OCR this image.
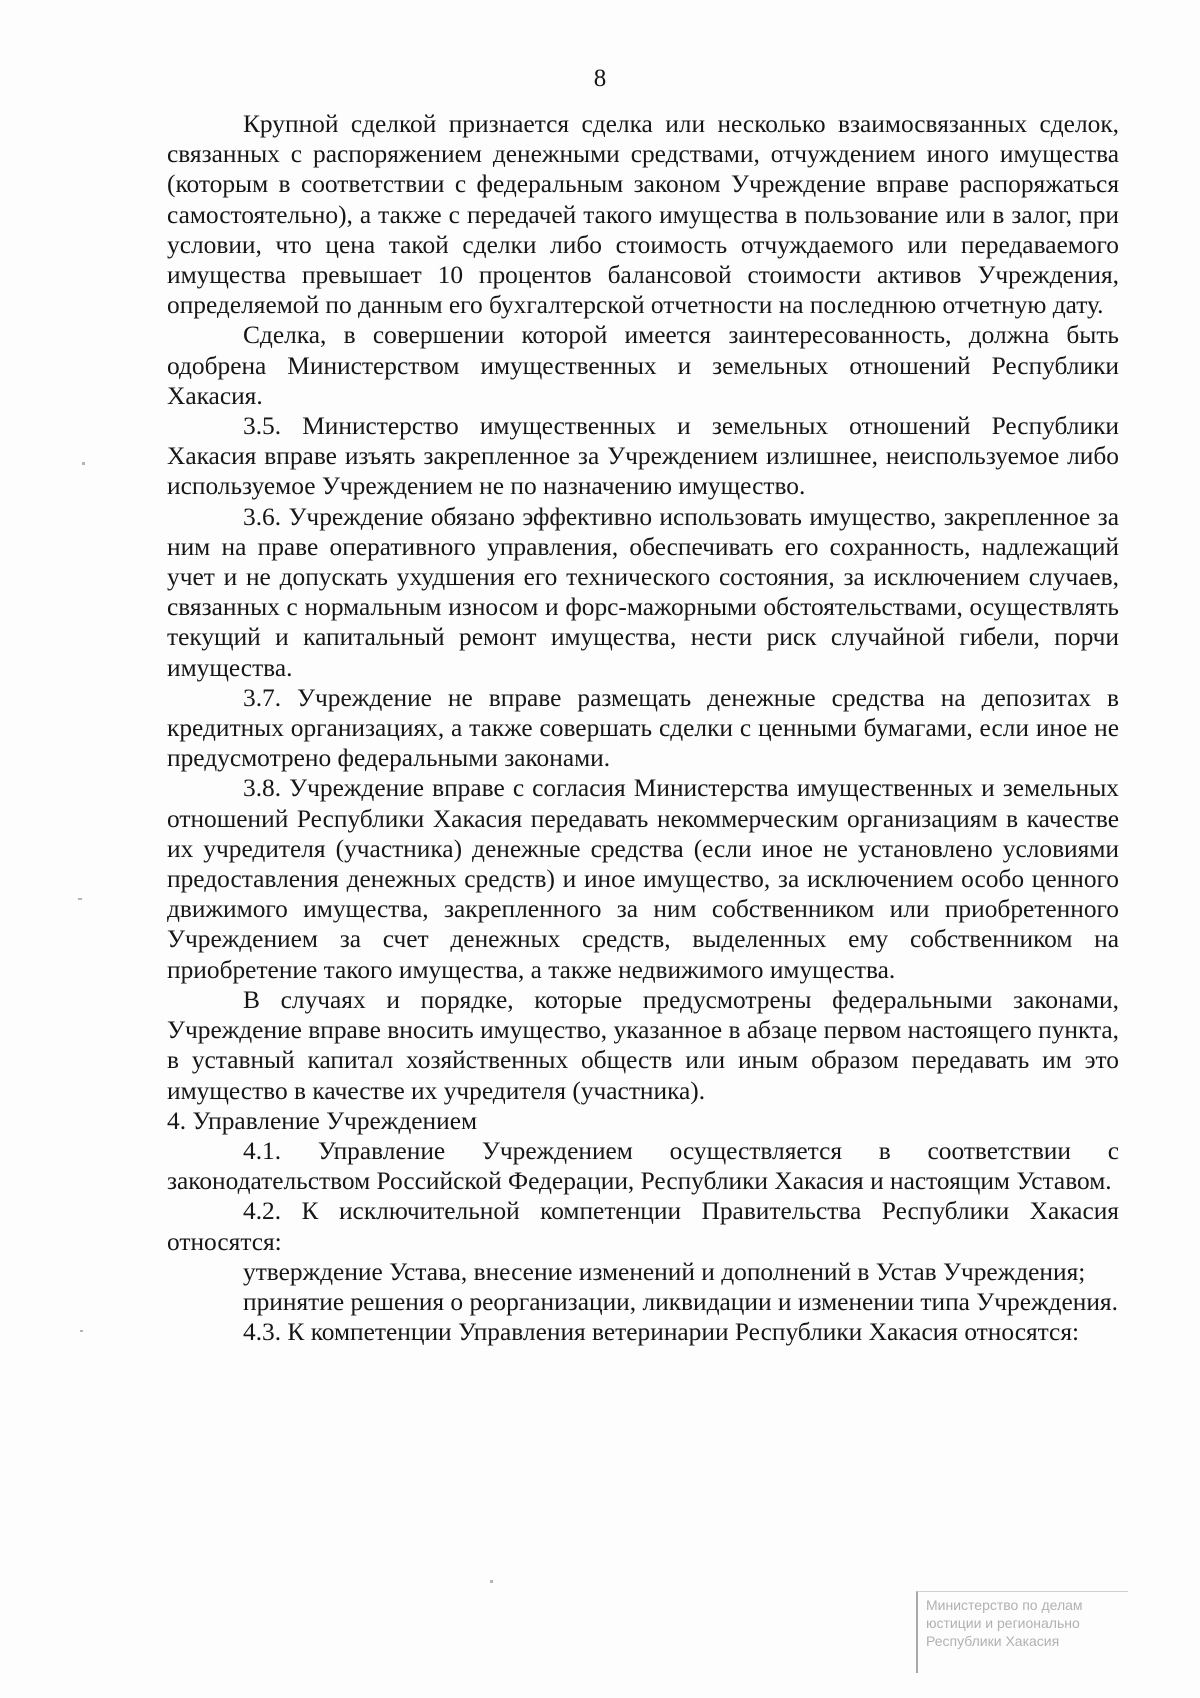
8

Крупной сделкой признается сделка или несколько взаимосвязанных сделок, связанных с распоряжением денежными средствами, отчуждением иного имущества (которым в соответствии с федеральным законом Учреждение вправе распоряжаться самостоятельно), а также с передачей такого имущества в пользование или в залог, при условии, что цена такой сделки либо стоимость отчуждаемого или передаваемого имущества превышает 10 процентов балансовой стоимости активов Учреждения, определяемой по данным его бухгалтерской отчетности на последнюю отчетную дату.

Сделка, в совершении которой имеется заинтересованность, должна быть одобрена Министерством имущественных и земельных отношений Республики Хакасия.

3.5. Министерство имущественных и земельных отношений Республики Хакасия вправе изъять закрепленное за Учреждением излишнее, неиспользуемое либо используемое Учреждением не по назначению имущество.

3.6. Учреждение обязано эффективно использовать имущество, закрепленное за ним на праве оперативного управления, обеспечивать его сохранность, надлежащий учет и не допускать ухудшения его технического состояния, за исключением случаев, связанных с нормальным износом и форс-мажорными обстоятельствами, осуществлять текущий и капитальный ремонт имущества, нести риск случайной гибели, порчи имущества.

3.7. Учреждение не вправе размещать денежные средства на депозитах в кредитных организациях, а также совершать сделки с ценными бумагами, если иное не предусмотрено федеральными законами.

3.8. Учреждение вправе с согласия Министерства имущественных и земельных отношений Республики Хакасия передавать некоммерческим организациям в качестве их учредителя (участника) денежные средства (если иное не установлено условиями предоставления денежных средств) и иное имущество, за исключением особо ценного движимого имущества, закрепленного за ним собственником или приобретенного Учреждением за счет денежных средств, выделенных ему собственником на приобретение такого имущества, а также недвижимого имущества.

В случаях и порядке, которые предусмотрены федеральными законами, Учреждение вправе вносить имущество, указанное в абзаце первом настоящего пункта, в уставный капитал хозяйственных обществ или иным образом передавать им это имущество в качестве их учредителя (участника).

4. Управление Учреждением

4.1. Управление Учреждением осуществляется в соответствии с законодательством Российской Федерации, Республики Хакасия и настоящим Уставом.

4.2. К исключительной компетенции Правительства Республики Хакасия относятся:

утверждение Устава, внесение изменений и дополнений в Устав Учреждения;

принятие решения о реорганизации, ликвидации и изменении типа Учреждения.

4.3. К компетенции Управления ветеринарии Республики Хакасия относятся:

Министерство по делам
юстиции и регионально
Республики Хакасия
